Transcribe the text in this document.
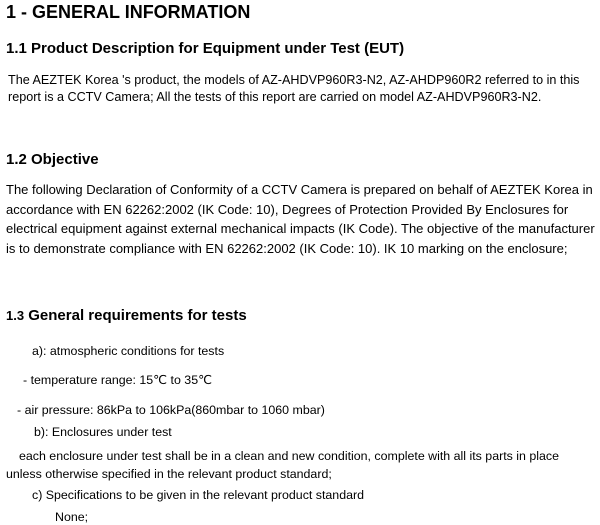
1 - GENERAL INFORMATION
1.1 Product Description for Equipment under Test (EUT)
The AEZTEK Korea 's product, the models of AZ-AHDVP960R3-N2, AZ-AHDP960R2 referred to in this report is a CCTV Camera; All the tests of this report are carried on model AZ-AHDVP960R3-N2.
1.2 Objective
The following Declaration of Conformity of a CCTV Camera is prepared on behalf of AEZTEK Korea in accordance with EN 62262:2002 (IK Code: 10), Degrees of Protection Provided By Enclosures for electrical equipment against external mechanical impacts (IK Code). The objective of the manufacturer is to demonstrate compliance with EN 62262:2002 (IK Code: 10). IK 10 marking on the enclosure;
1.3 General requirements for tests
a): atmospheric conditions for tests
- temperature range: 15℃ to 35℃
- air pressure: 86kPa to 106kPa(860mbar to 1060 mbar)
b): Enclosures under test
each enclosure under test shall be in a clean and new condition, complete with all its parts in place unless otherwise specified in the relevant product standard;
c) Specifications to be given in the relevant product standard
None;
